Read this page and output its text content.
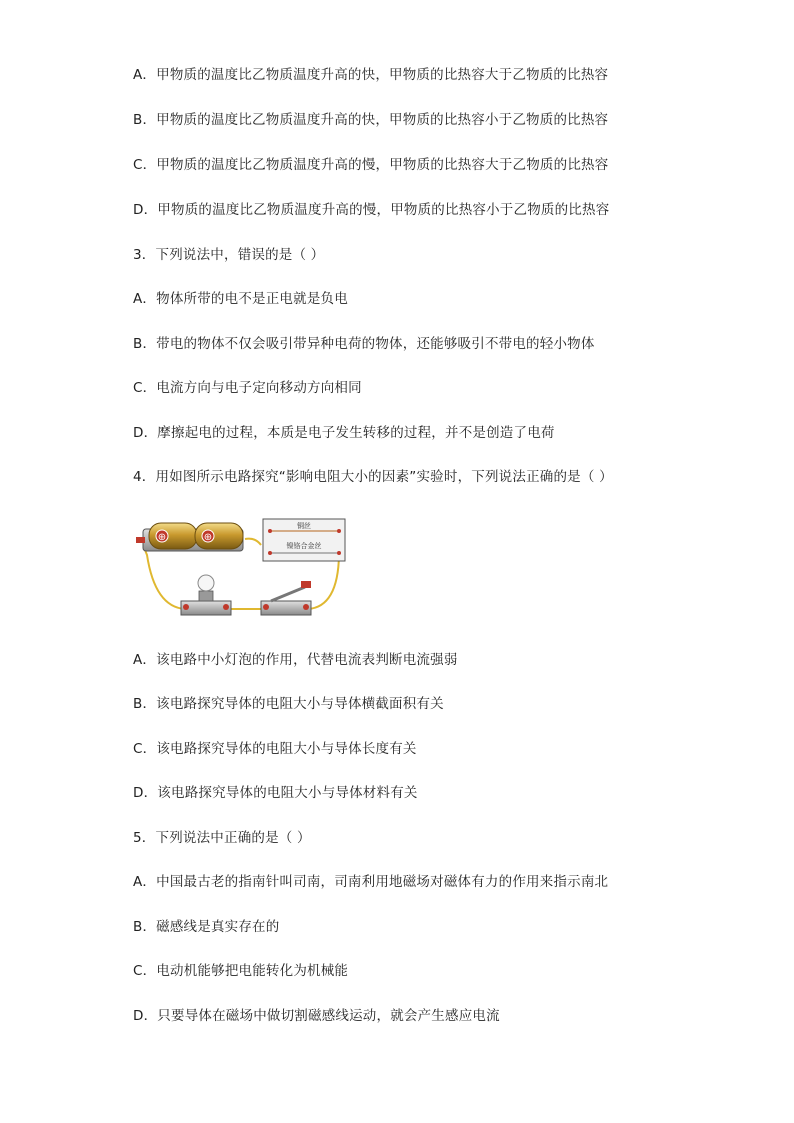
A．甲物质的温度比乙物质温度升高的快，甲物质的比热容大于乙物质的比热容
B．甲物质的温度比乙物质温度升高的快，甲物质的比热容小于乙物质的比热容
C．甲物质的温度比乙物质温度升高的慢，甲物质的比热容大于乙物质的比热容
D．甲物质的温度比乙物质温度升高的慢，甲物质的比热容小于乙物质的比热容
3．下列说法中，错误的是（ ）
A．物体所带的电不是正电就是负电
B．带电的物体不仅会吸引带异种电荷的物体，还能够吸引不带电的轻小物体
C．电流方向与电子定向移动方向相同
D．摩擦起电的过程，本质是电子发生转移的过程，并不是创造了电荷
4．用如图所示电路探究“影响电阻大小的因素”实验时，下列说法正确的是（ ）
⊕	⊕
铜丝
镍铬合金丝
A．该电路中小灯泡的作用，代替电流表判断电流强弱
B．该电路探究导体的电阻大小与导体横截面积有关
C．该电路探究导体的电阻大小与导体长度有关
D．该电路探究导体的电阻大小与导体材料有关
5．下列说法中正确的是（ ）
A．中国最古老的指南针叫司南，司南利用地磁场对磁体有力的作用来指示南北
B．磁感线是真实存在的
C．电动机能够把电能转化为机械能
D．只要导体在磁场中做切割磁感线运动，就会产生感应电流
